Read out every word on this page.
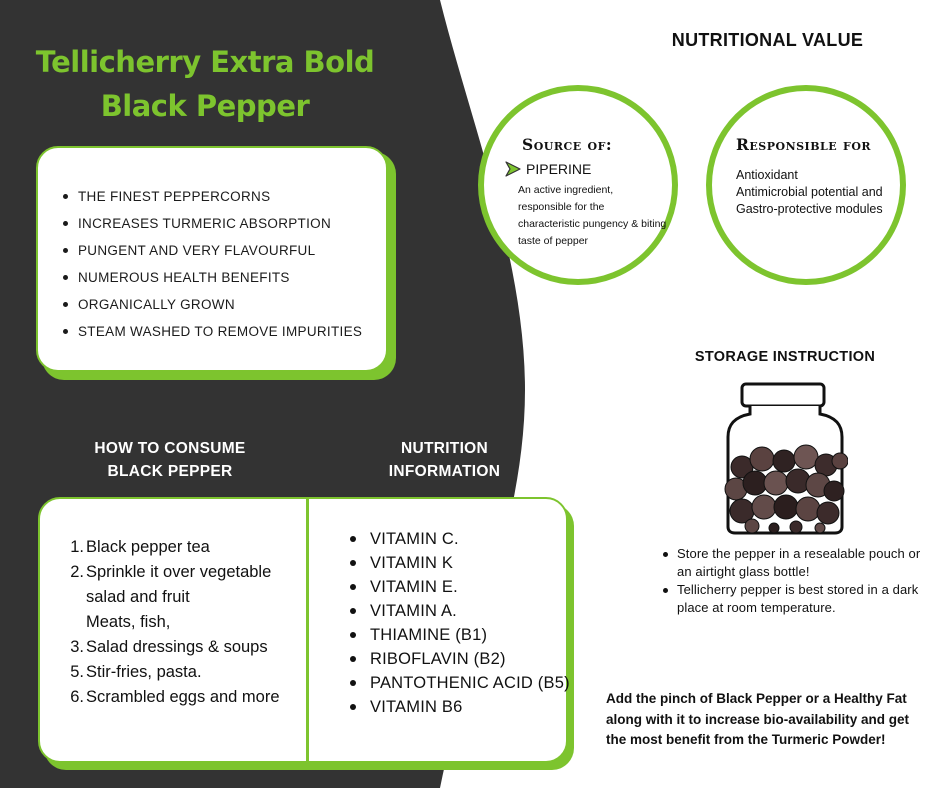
Tellicherry Extra Bold
Black Pepper
THE FINEST PEPPERCORNS
INCREASES TURMERIC ABSORPTION
PUNGENT AND VERY FLAVOURFUL
NUMEROUS HEALTH BENEFITS
ORGANICALLY GROWN
STEAM WASHED TO REMOVE IMPURITIES
HOW TO CONSUME
BLACK PEPPER
NUTRITION
INFORMATION
1. Black pepper tea
2. Sprinkle it over vegetable salad and fruit
Meats, fish,
3. Salad dressings & soups
5. Stir-fries, pasta.
6. Scrambled eggs and more
VITAMIN C.
VITAMIN K
VITAMIN E.
VITAMIN A.
THIAMINE (B1)
RIBOFLAVIN (B2)
PANTOTHENIC ACID (B5)
VITAMIN B6
NUTRITIONAL VALUE
Source of:
PIPERINE
An active ingredient, responsible for the characteristic pungency & biting taste of pepper
Responsible for
Antioxidant
Antimicrobial potential and
Gastro-protective modules
STORAGE INSTRUCTION
Store the pepper in a resealable pouch or an airtight glass bottle!
Tellicherry pepper is best stored in a dark place at room temperature.
Add the pinch of Black Pepper or a Healthy Fat along with it to increase bio-availability and get the most benefit from the Turmeric Powder!
